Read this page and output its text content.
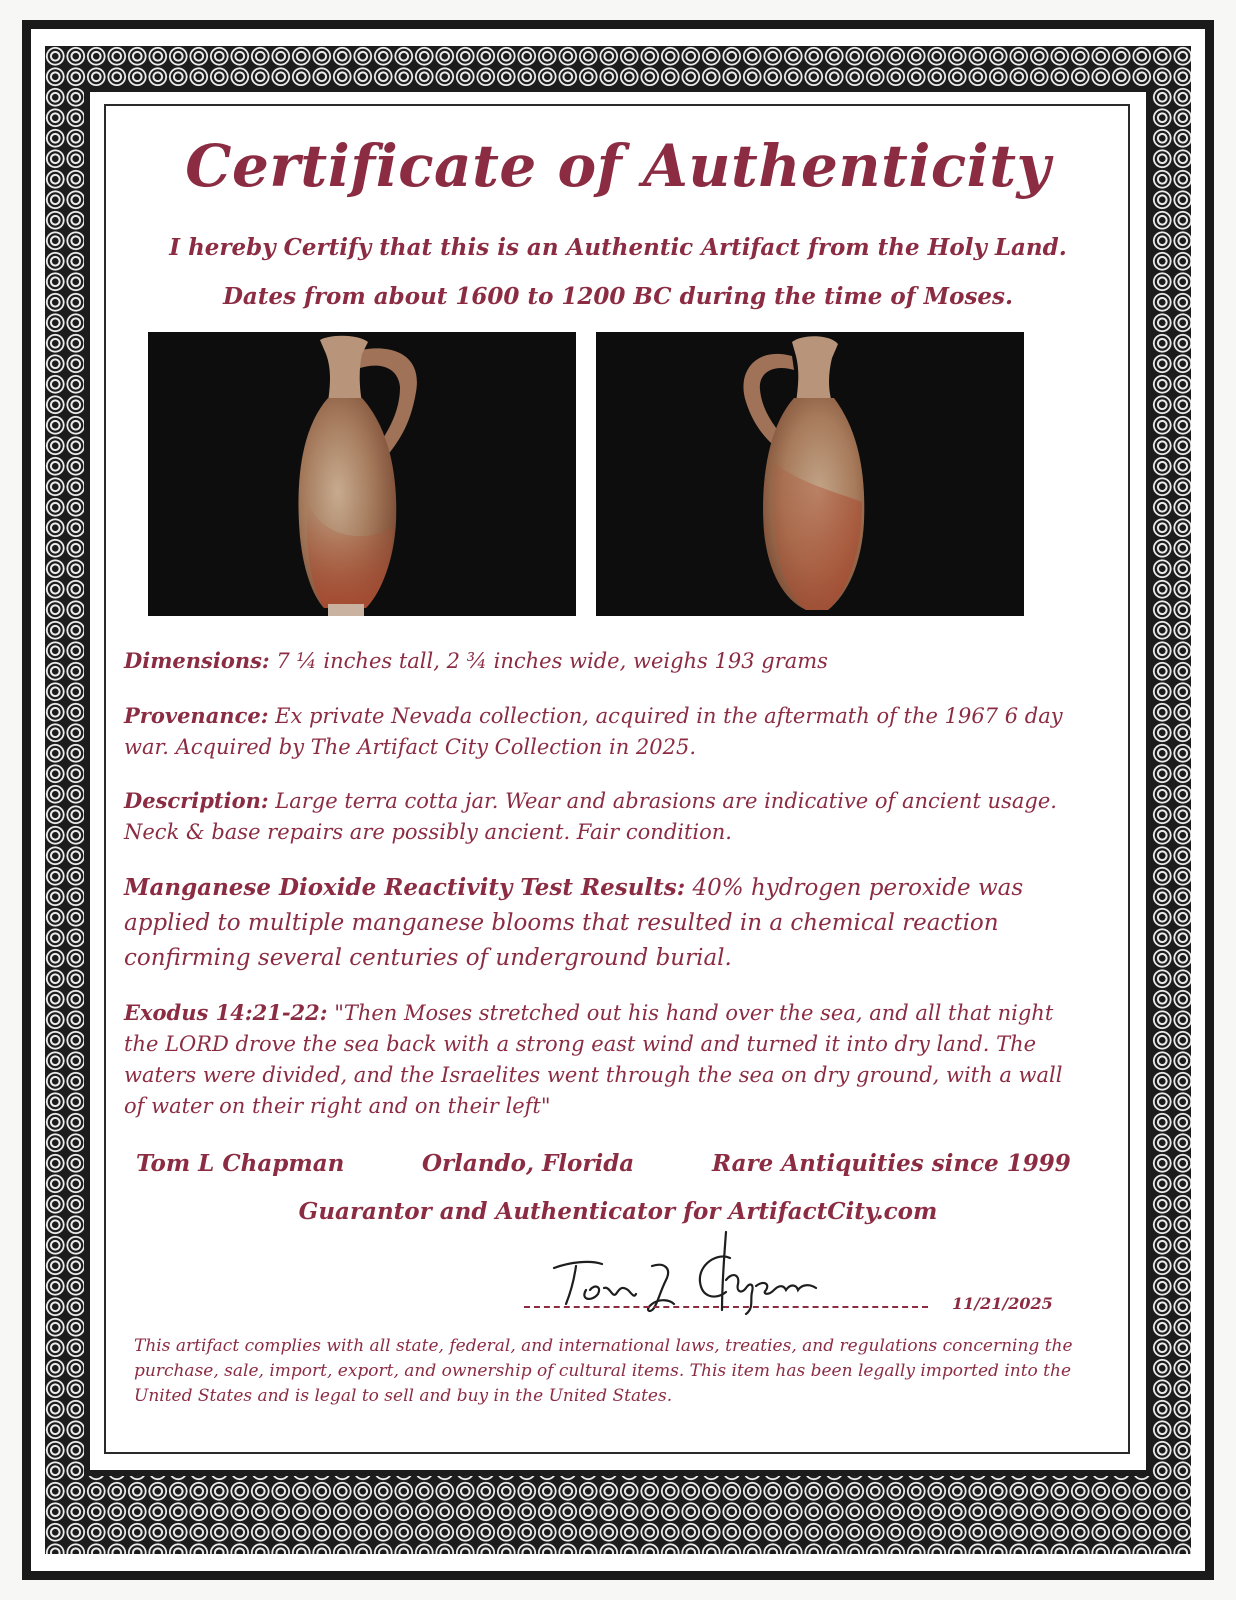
Certificate of Authenticity
I hereby Certify that this is an Authentic Artifact from the Holy Land.
Dates from about 1600 to 1200 BC during the time of Moses.
Dimensions: 7 ¼ inches tall, 2 ¾ inches wide, weighs 193 grams
Provenance: Ex private Nevada collection, acquired in the aftermath of the 1967 6 day war. Acquired by The Artifact City Collection in 2025.
Description: Large terra cotta jar. Wear and abrasions are indicative of ancient usage. Neck & base repairs are possibly ancient. Fair condition.
Manganese Dioxide Reactivity Test Results: 40% hydrogen peroxide was applied to multiple manganese blooms that resulted in a chemical reaction confirming several centuries of underground burial.
Exodus 14:21-22: "Then Moses stretched out his hand over the sea, and all that night the LORD drove the sea back with a strong east wind and turned it into dry land. The waters were divided, and the Israelites went through the sea on dry ground, with a wall of water on their right and on their left"
Tom L Chapman	Orlando, Florida	Rare Antiquities since 1999
Guarantor and Authenticator for ArtifactCity.com
11/21/2025
This artifact complies with all state, federal, and international laws, treaties, and regulations concerning the purchase, sale, import, export, and ownership of cultural items. This item has been legally imported into the United States and is legal to sell and buy in the United States.
